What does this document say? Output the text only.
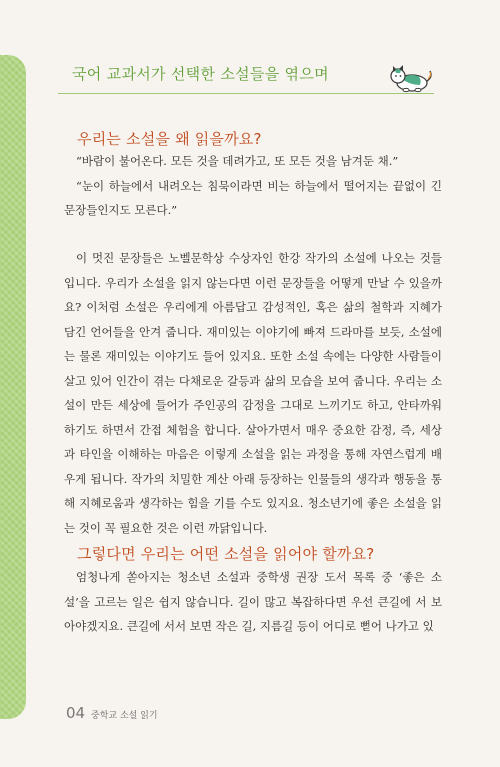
국어 교과서가 선택한 소설들을 엮으며
우리는 소설을 왜 읽을까요?

“바람이 불어온다. 모든 것을 데려가고, 또 모든 것을 남겨둔 채.”

“눈이 하늘에서 내려오는 침묵이라면 비는 하늘에서 떨어지는 끝없이 긴 문장들인지도 모른다.”

이 멋진 문장들은 노벨문학상 수상자인 한강 작가의 소설에 나오는 것들입니다. 우리가 소설을 읽지 않는다면 이런 문장들을 어떻게 만날 수 있을까요? 이처럼 소설은 우리에게 아름답고 감성적인, 혹은 삶의 철학과 지혜가 담긴 언어들을 안겨 줍니다. 재미있는 이야기에 빠져 드라마를 보듯, 소설에는 물론 재미있는 이야기도 들어 있지요. 또한 소설 속에는 다양한 사람들이 살고 있어 인간이 겪는 다채로운 갈등과 삶의 모습을 보여 줍니다. 우리는 소설이 만든 세상에 들어가 주인공의 감정을 그대로 느끼기도 하고, 안타까워하기도 하면서 간접 체험을 합니다. 살아가면서 매우 중요한 감정, 즉, 세상과 타인을 이해하는 마음은 이렇게 소설을 읽는 과정을 통해 자연스럽게 배우게 됩니다. 작가의 치밀한 계산 아래 등장하는 인물들의 생각과 행동을 통해 지혜로움과 생각하는 힘을 기를 수도 있지요. 청소년기에 좋은 소설을 읽는 것이 꼭 필요한 것은 이런 까닭입니다.

그렇다면 우리는 어떤 소설을 읽어야 할까요?

엄청나게 쏟아지는 청소년 소설과 중학생 권장 도서 목록 중 ‘좋은 소설’을 고르는 일은 쉽지 않습니다. 길이 많고 복잡하다면 우선 큰길에 서 보아야겠지요. 큰길에 서서 보면 작은 길, 지름길 등이 어디로 뻗어 나가고 있

04 중학교 소설 읽기
